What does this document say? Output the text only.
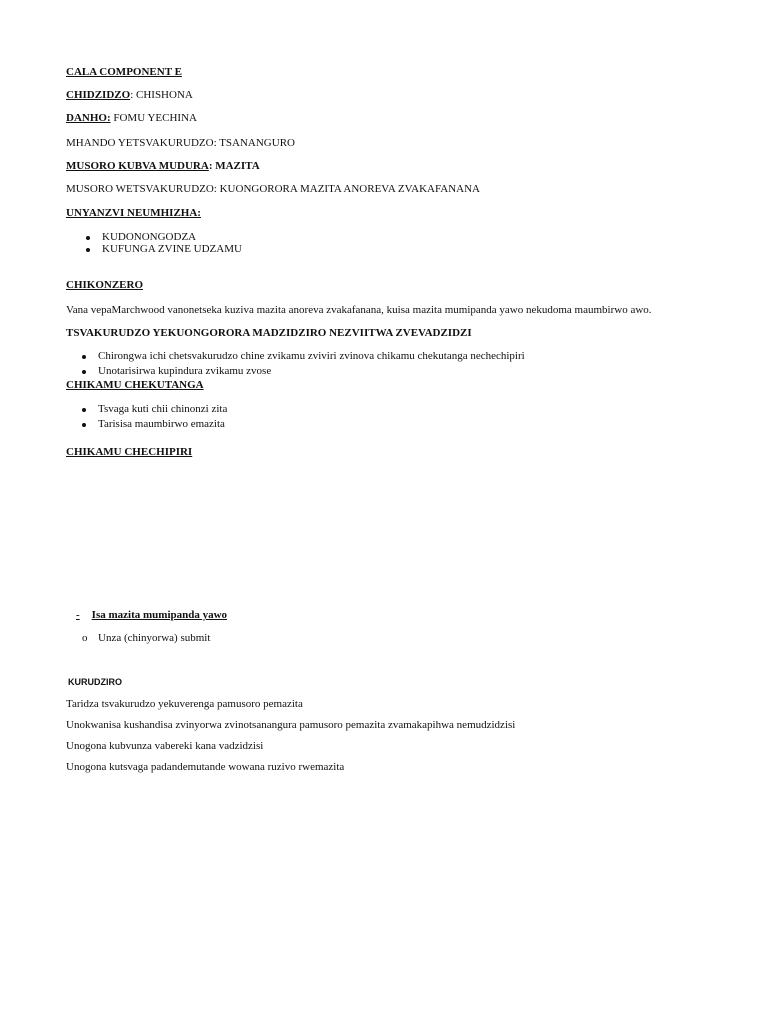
CALA COMPONENT E
CHIDZIDZO: CHISHONA
DANHO: FOMU YECHINA
MHANDO YETSVAKURUDZO: TSANANGURO
MUSORO KUBVA MUDURA: MAZITA
MUSORO WETSVAKURUDZO: KUONGORORA MAZITA ANOREVA ZVAKAFANANA
UNYANZVI NEUMHIZHA:
KUDONONGODZA
KUFUNGA ZVINE UDZAMU
CHIKONZERO
Vana vepaMarchwood vanonetseka kuziva mazita anoreva zvakafanana, kuisa mazita mumipanda yawo nekudoma maumbirwo awo.
TSVAKURUDZO YEKUONGORORA MADZIDZIRO NEZVIITWA ZVEVADZIDZI
Chirongwa ichi chetsvakurudzo chine zvikamu zviviri zvinova chikamu chekutanga nechechipiri
Unotarisirwa kupindura zvikamu zvose
CHIKAMU CHEKUTANGA
Tsvaga kuti chii chinonzi zita
Tarisisa maumbirwo emazita
CHIKAMU CHECHIPIRI
- Isa mazita mumipanda yawo
o Unza (chinyorwa) submit
KURUDZIRO
Taridza tsvakurudzo yekuverenga pamusoro pemazita
Unokwanisa kushandisa zvinyorwa zvinotsanangura pamusoro pemazita zvamakapihwa nemudzidzisi
Unogona kubvunza vabereki kana vadzidzisi
Unogona kutsvaga padandemutande wowana ruzivo rwemazita
